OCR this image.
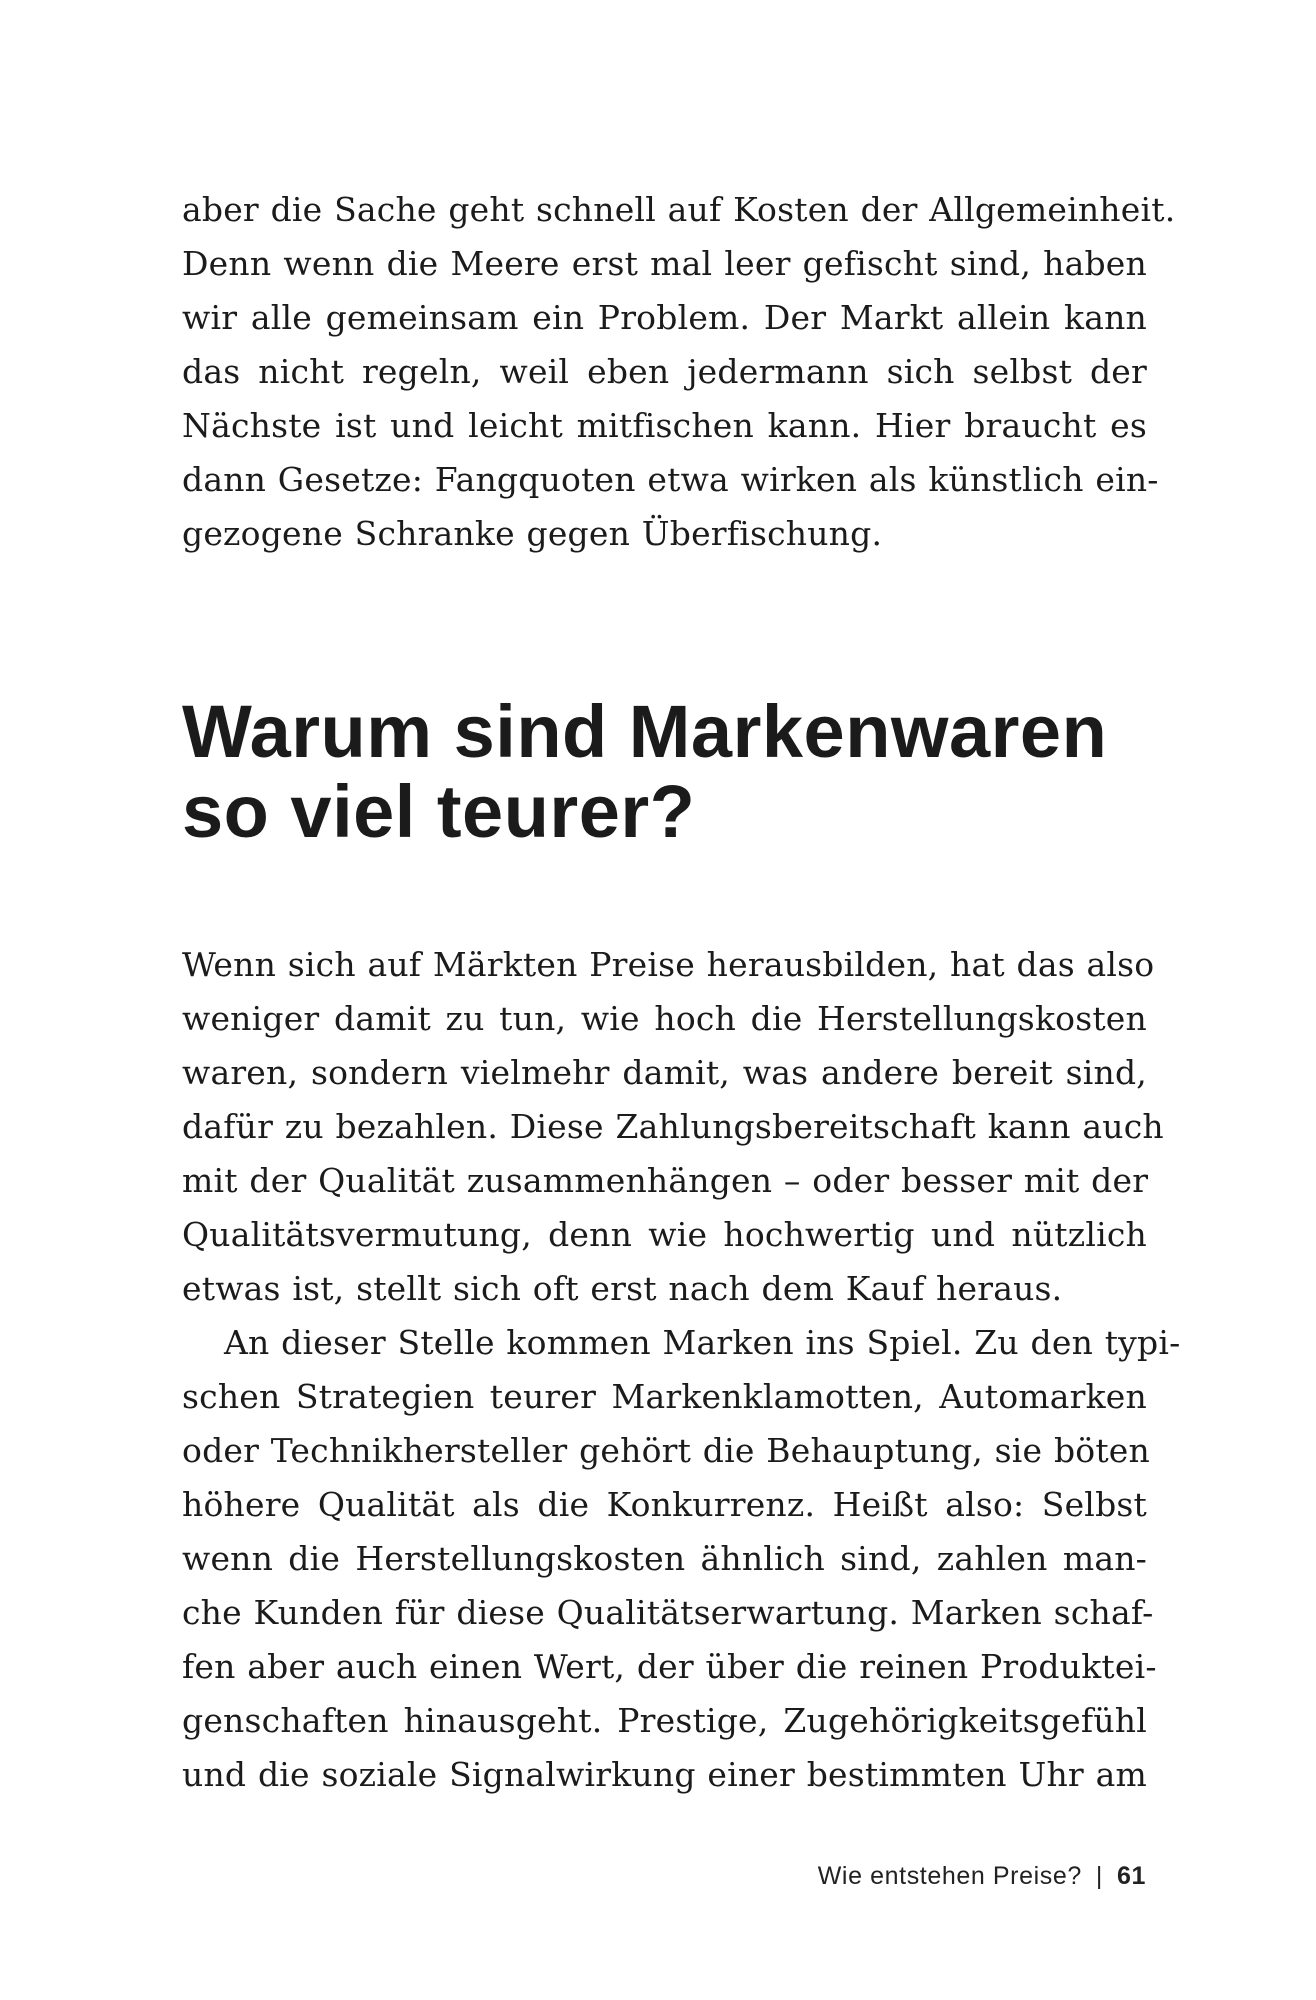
aber die Sache geht schnell auf Kosten der Allgemeinheit.
Denn wenn die Meere erst mal leer gefischt sind, haben
wir alle gemeinsam ein Problem. Der Markt allein kann
das nicht regeln, weil eben jedermann sich selbst der
Nächste ist und leicht mitfischen kann. Hier braucht es
dann Gesetze: Fangquoten etwa wirken als künstlich ein-
gezogene Schranke gegen Überfischung.
Warum sind Markenwaren
so viel teurer?
Wenn sich auf Märkten Preise herausbilden, hat das also
weniger damit zu tun, wie hoch die Herstellungskosten
waren, sondern vielmehr damit, was andere bereit sind,
dafür zu bezahlen. Diese Zahlungsbereitschaft kann auch
mit der Qualität zusammenhängen – oder besser mit der
Qualitätsvermutung, denn wie hochwertig und nützlich
etwas ist, stellt sich oft erst nach dem Kauf heraus.
An dieser Stelle kommen Marken ins Spiel. Zu den typi-
schen Strategien teurer Markenklamotten, Automarken
oder Technikhersteller gehört die Behauptung, sie böten
höhere Qualität als die Konkurrenz. Heißt also: Selbst
wenn die Herstellungskosten ähnlich sind, zahlen man-
che Kunden für diese Qualitätserwartung. Marken schaf-
fen aber auch einen Wert, der über die reinen Produktei-
genschaften hinausgeht. Prestige, Zugehörigkeitsgefühl
und die soziale Signalwirkung einer bestimmten Uhr am
Wie entstehen Preise? | 61
